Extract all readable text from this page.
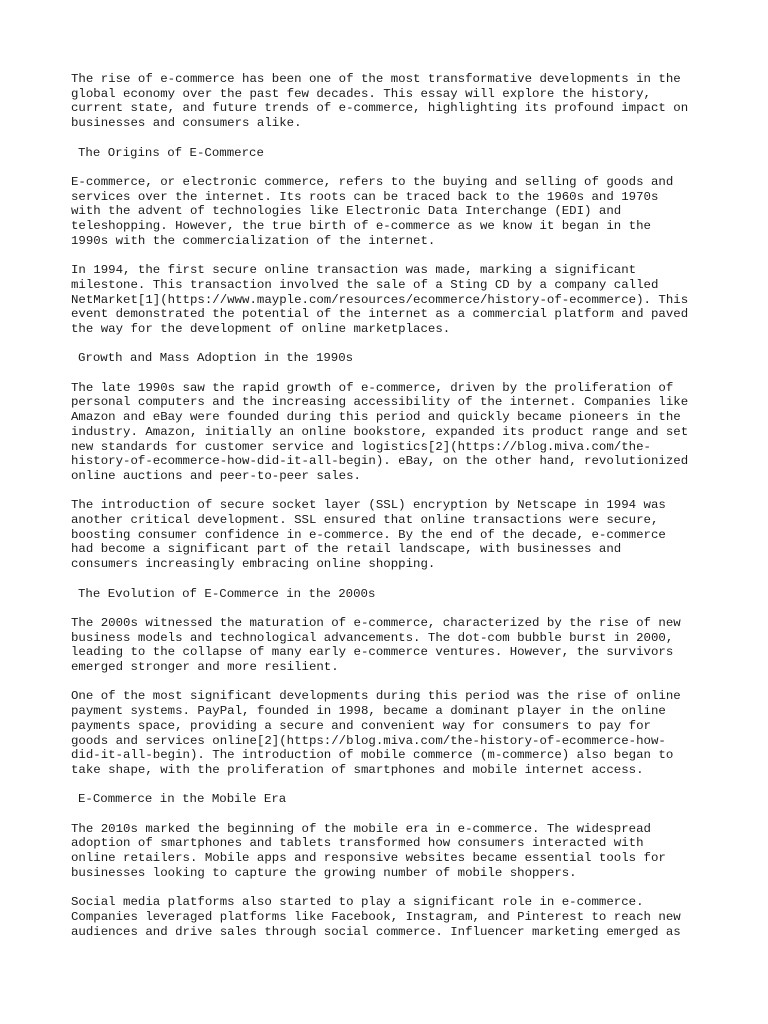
The rise of e-commerce has been one of the most transformative developments in the
global economy over the past few decades. This essay will explore the history,
current state, and future trends of e-commerce, highlighting its profound impact on
businesses and consumers alike.

The Origins of E-Commerce

E-commerce, or electronic commerce, refers to the buying and selling of goods and
services over the internet. Its roots can be traced back to the 1960s and 1970s
with the advent of technologies like Electronic Data Interchange (EDI) and
teleshopping. However, the true birth of e-commerce as we know it began in the
1990s with the commercialization of the internet.

In 1994, the first secure online transaction was made, marking a significant
milestone. This transaction involved the sale of a Sting CD by a company called
NetMarket[1](https://www.mayple.com/resources/ecommerce/history-of-ecommerce). This
event demonstrated the potential of the internet as a commercial platform and paved
the way for the development of online marketplaces.

Growth and Mass Adoption in the 1990s

The late 1990s saw the rapid growth of e-commerce, driven by the proliferation of
personal computers and the increasing accessibility of the internet. Companies like
Amazon and eBay were founded during this period and quickly became pioneers in the
industry. Amazon, initially an online bookstore, expanded its product range and set
new standards for customer service and logistics[2](https://blog.miva.com/the-
history-of-ecommerce-how-did-it-all-begin). eBay, on the other hand, revolutionized
online auctions and peer-to-peer sales.

The introduction of secure socket layer (SSL) encryption by Netscape in 1994 was
another critical development. SSL ensured that online transactions were secure,
boosting consumer confidence in e-commerce. By the end of the decade, e-commerce
had become a significant part of the retail landscape, with businesses and
consumers increasingly embracing online shopping.

The Evolution of E-Commerce in the 2000s

The 2000s witnessed the maturation of e-commerce, characterized by the rise of new
business models and technological advancements. The dot-com bubble burst in 2000,
leading to the collapse of many early e-commerce ventures. However, the survivors
emerged stronger and more resilient.

One of the most significant developments during this period was the rise of online
payment systems. PayPal, founded in 1998, became a dominant player in the online
payments space, providing a secure and convenient way for consumers to pay for
goods and services online[2](https://blog.miva.com/the-history-of-ecommerce-how-
did-it-all-begin). The introduction of mobile commerce (m-commerce) also began to
take shape, with the proliferation of smartphones and mobile internet access.

E-Commerce in the Mobile Era

The 2010s marked the beginning of the mobile era in e-commerce. The widespread
adoption of smartphones and tablets transformed how consumers interacted with
online retailers. Mobile apps and responsive websites became essential tools for
businesses looking to capture the growing number of mobile shoppers.

Social media platforms also started to play a significant role in e-commerce.
Companies leveraged platforms like Facebook, Instagram, and Pinterest to reach new
audiences and drive sales through social commerce. Influencer marketing emerged as
